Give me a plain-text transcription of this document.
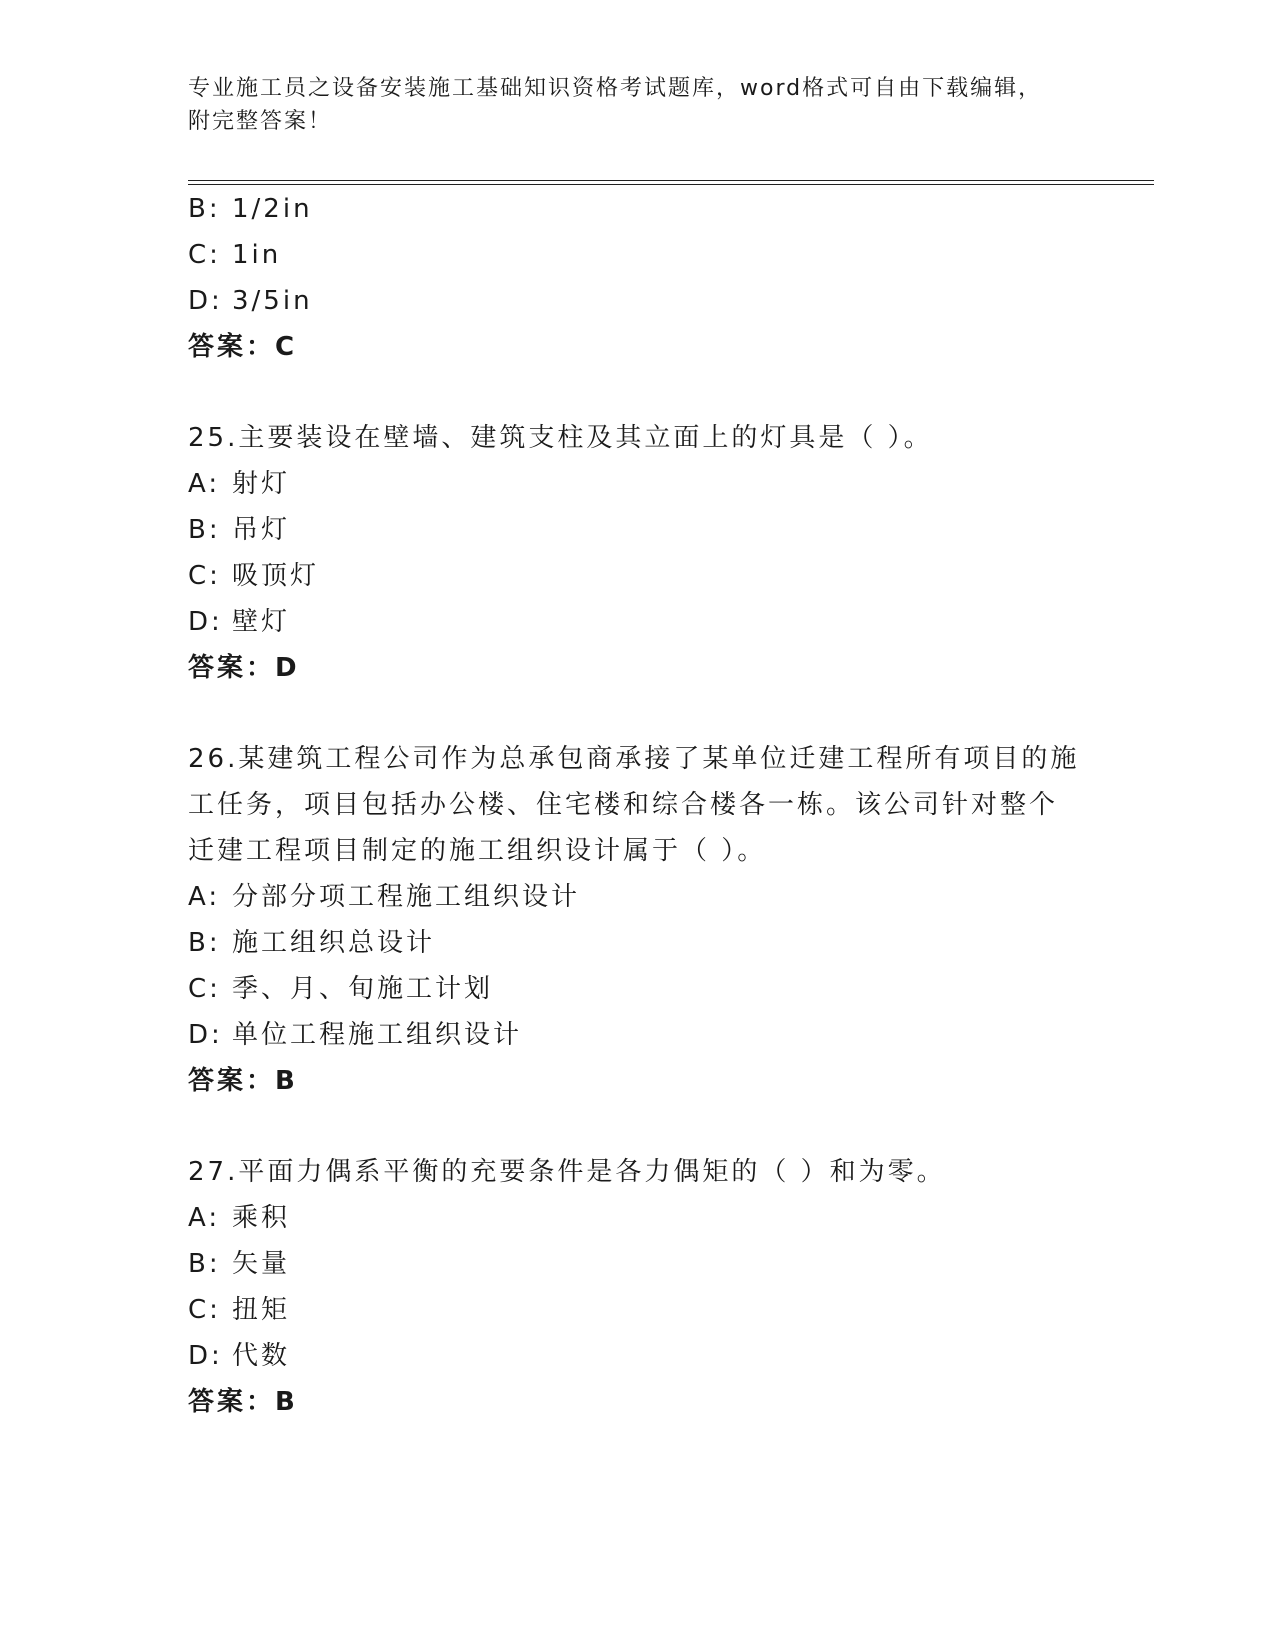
专业施工员之设备安装施工基础知识资格考试题库，word格式可自由下载编辑，
附完整答案！
B: 1/2in
C: 1in
D: 3/5in
答案：C
25.主要装设在壁墙、建筑支柱及其立面上的灯具是（ ）。
A: 射灯
B: 吊灯
C: 吸顶灯
D: 壁灯
答案：D
26.某建筑工程公司作为总承包商承接了某单位迁建工程所有项目的施
工任务，项目包括办公楼、住宅楼和综合楼各一栋。该公司针对整个
迁建工程项目制定的施工组织设计属于（ ）。
A: 分部分项工程施工组织设计
B: 施工组织总设计
C: 季、月、旬施工计划
D: 单位工程施工组织设计
答案：B
27.平面力偶系平衡的充要条件是各力偶矩的（ ）和为零。
A: 乘积
B: 矢量
C: 扭矩
D: 代数
答案：B
